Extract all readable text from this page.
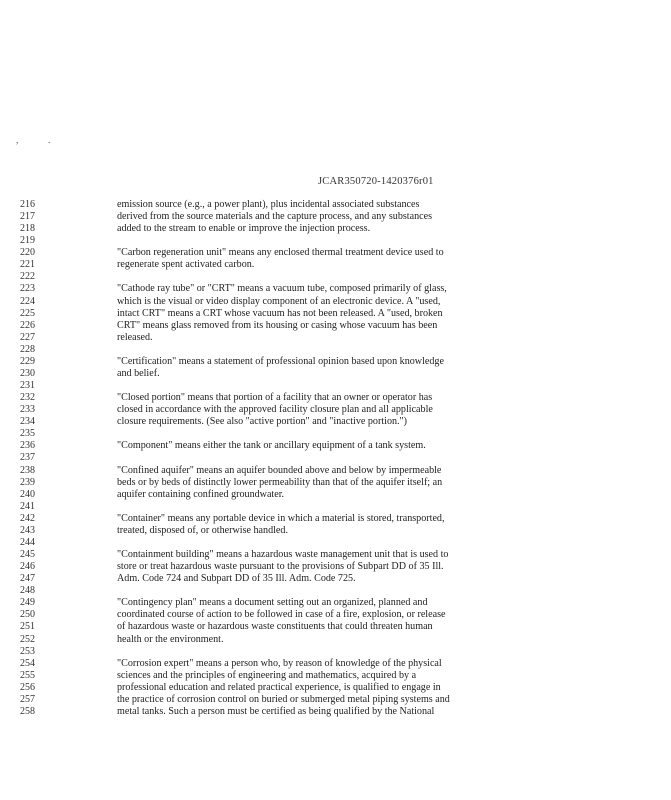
,	.
JCAR350720-1420376r01
216	emission source (e.g., a power plant), plus incidental associated substances
217	derived from the source materials and the capture process, and any substances
218	added to the stream to enable or improve the injection process.
219
220	"Carbon regeneration unit" means any enclosed thermal treatment device used to
221	regenerate spent activated carbon.
222
223	"Cathode ray tube" or "CRT" means a vacuum tube, composed primarily of glass,
224	which is the visual or video display component of an electronic device. A "used,
225	intact CRT" means a CRT whose vacuum has not been released. A "used, broken
226	CRT" means glass removed from its housing or casing whose vacuum has been
227	released.
228
229	"Certification" means a statement of professional opinion based upon knowledge
230	and belief.
231
232	"Closed portion" means that portion of a facility that an owner or operator has
233	closed in accordance with the approved facility closure plan and all applicable
234	closure requirements. (See also "active portion" and "inactive portion.")
235
236	"Component" means either the tank or ancillary equipment of a tank system.
237
238	"Confined aquifer" means an aquifer bounded above and below by impermeable
239	beds or by beds of distinctly lower permeability than that of the aquifer itself; an
240	aquifer containing confined groundwater.
241
242	"Container" means any portable device in which a material is stored, transported,
243	treated, disposed of, or otherwise handled.
244
245	"Containment building" means a hazardous waste management unit that is used to
246	store or treat hazardous waste pursuant to the provisions of Subpart DD of 35 Ill.
247	Adm. Code 724 and Subpart DD of 35 Ill. Adm. Code 725.
248
249	"Contingency plan" means a document setting out an organized, planned and
250	coordinated course of action to be followed in case of a fire, explosion, or release
251	of hazardous waste or hazardous waste constituents that could threaten human
252	health or the environment.
253
254	"Corrosion expert" means a person who, by reason of knowledge of the physical
255	sciences and the principles of engineering and mathematics, acquired by a
256	professional education and related practical experience, is qualified to engage in
257	the practice of corrosion control on buried or submerged metal piping systems and
258	metal tanks. Such a person must be certified as being qualified by the National
